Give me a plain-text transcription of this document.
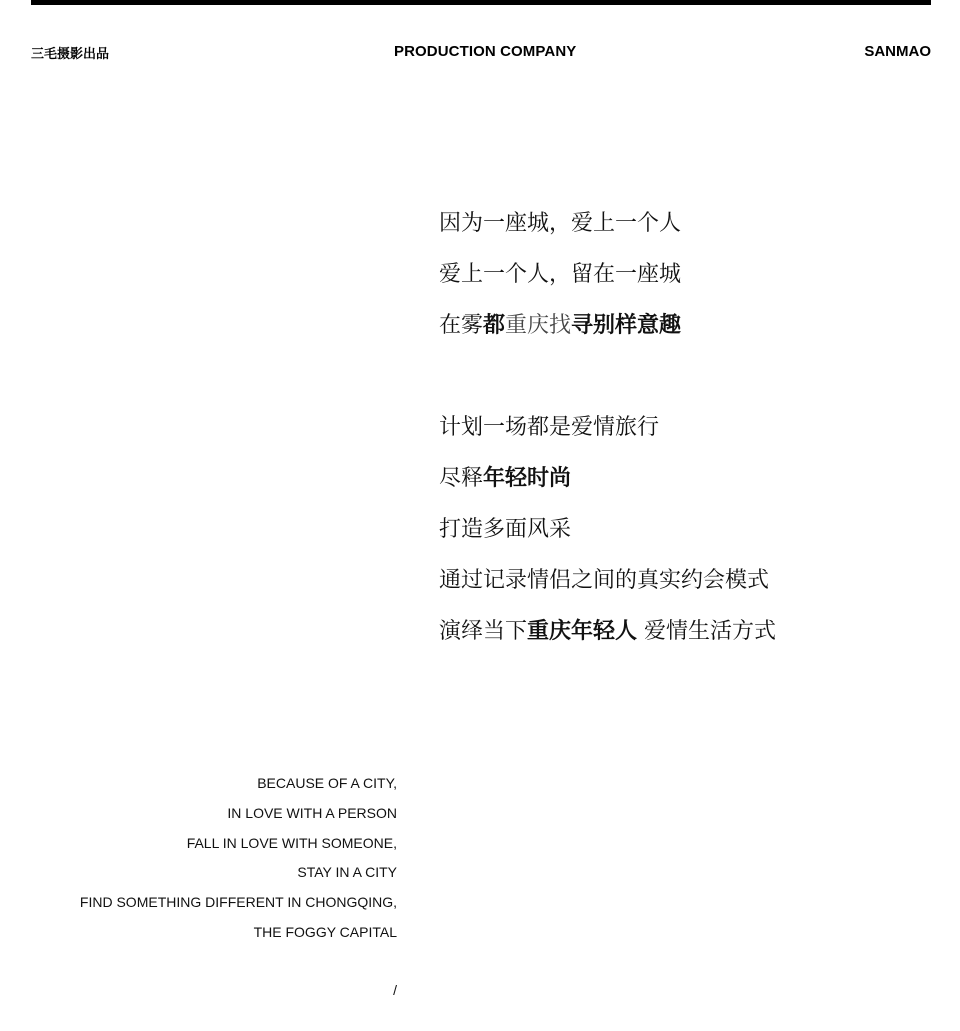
三毛摄影出品	PRODUCTION COMPANY	SANMAO
因为一座城，爱上一个人
爱上一个人，留在一座城
在雾都重庆找寻别样意趣
计划一场都是爱情旅行
尽释年轻时尚
打造多面风采
通过记录情侣之间的真实约会模式
演绎当下重庆年轻人 爱情生活方式
BECAUSE OF A CITY,
IN LOVE WITH A PERSON
FALL IN LOVE WITH SOMEONE,
STAY IN A CITY
FIND SOMETHING DIFFERENT IN CHONGQING,
THE FOGGY CAPITAL
/
